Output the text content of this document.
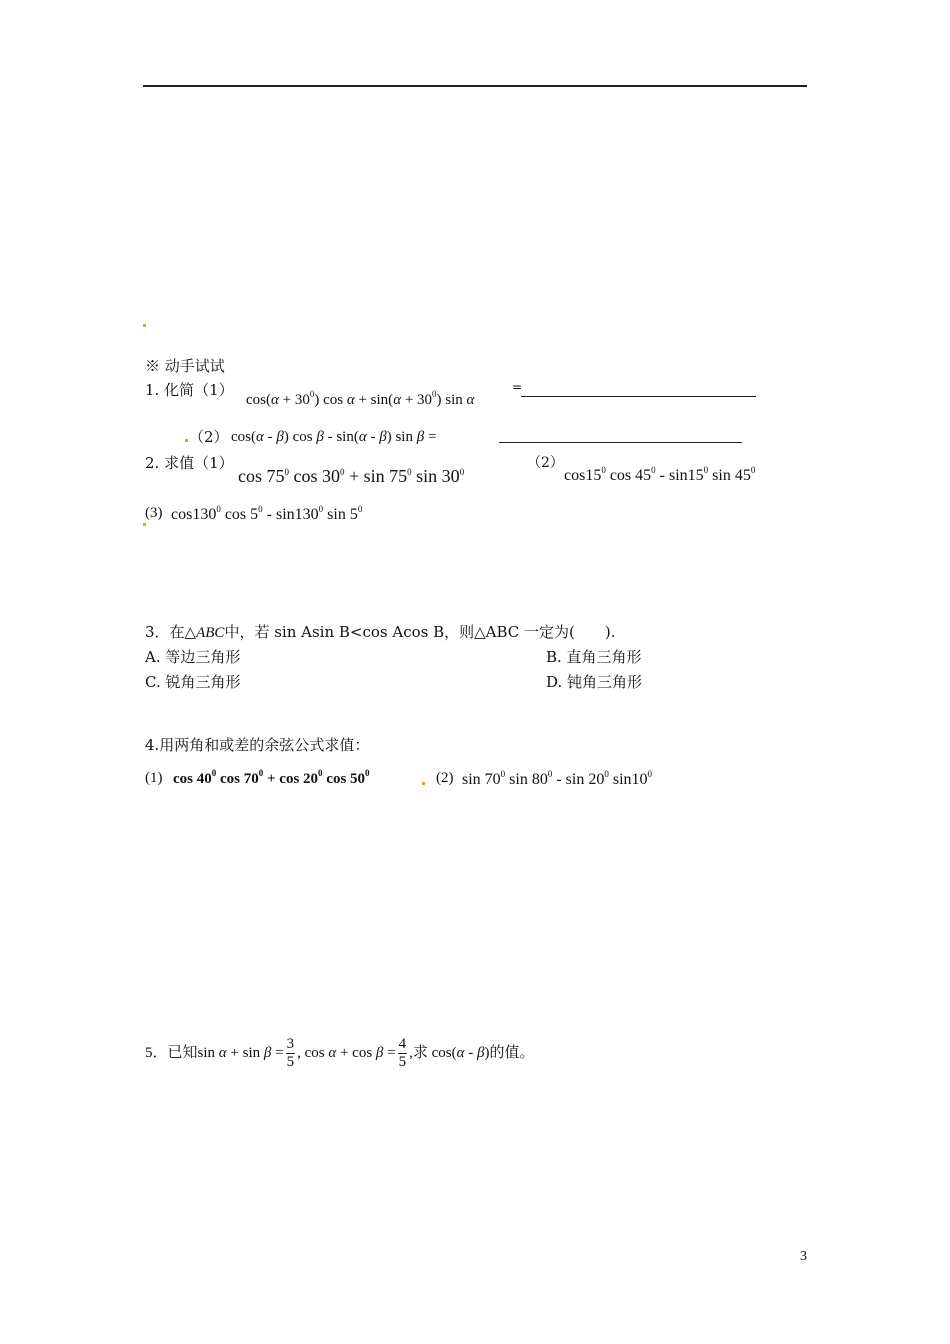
※ 动手试试
1. 化简（1）
$\cos(\alpha + 30^0)$ $\cos \alpha + \sin(\alpha + 30^0)$ sin α
=
（2） cos(α - β) cos β - sin(α - β) sin β =
2. 求值（1）
$\cos 75^0$ $\cos 30^0 + \sin 75^0$ $\sin 30^0$
（2）
$\cos 15^0$ $\cos 45^0 - \sin 15^0$ $\sin 45^0$
(3) $\cos 130^0$ $\cos 5^0 - \sin 130^0$ $\sin 5^0$
3．在△ABC中，若 sin Asin B<cos Acos B，则△ABC 一定为(　　).
A. 等边三角形	B. 直角三角形
C. 锐角三角形	D. 钝角三角形
4.用两角和或差的余弦公式求值：
(1) $\cos 40^0$ $\cos 70^0 + \cos 20^0$ $\cos 50^0$	(2) $\sin 70^0$ $\sin 80^0$ - $\sin 20^0$ $\sin 10^0$
5．已知$\sin \alpha + \sin \beta = \frac{3}{5}$ , $\cos \alpha + \cos \beta = \frac{4}{5}$ ,求 cos(α - β)的值。
3
